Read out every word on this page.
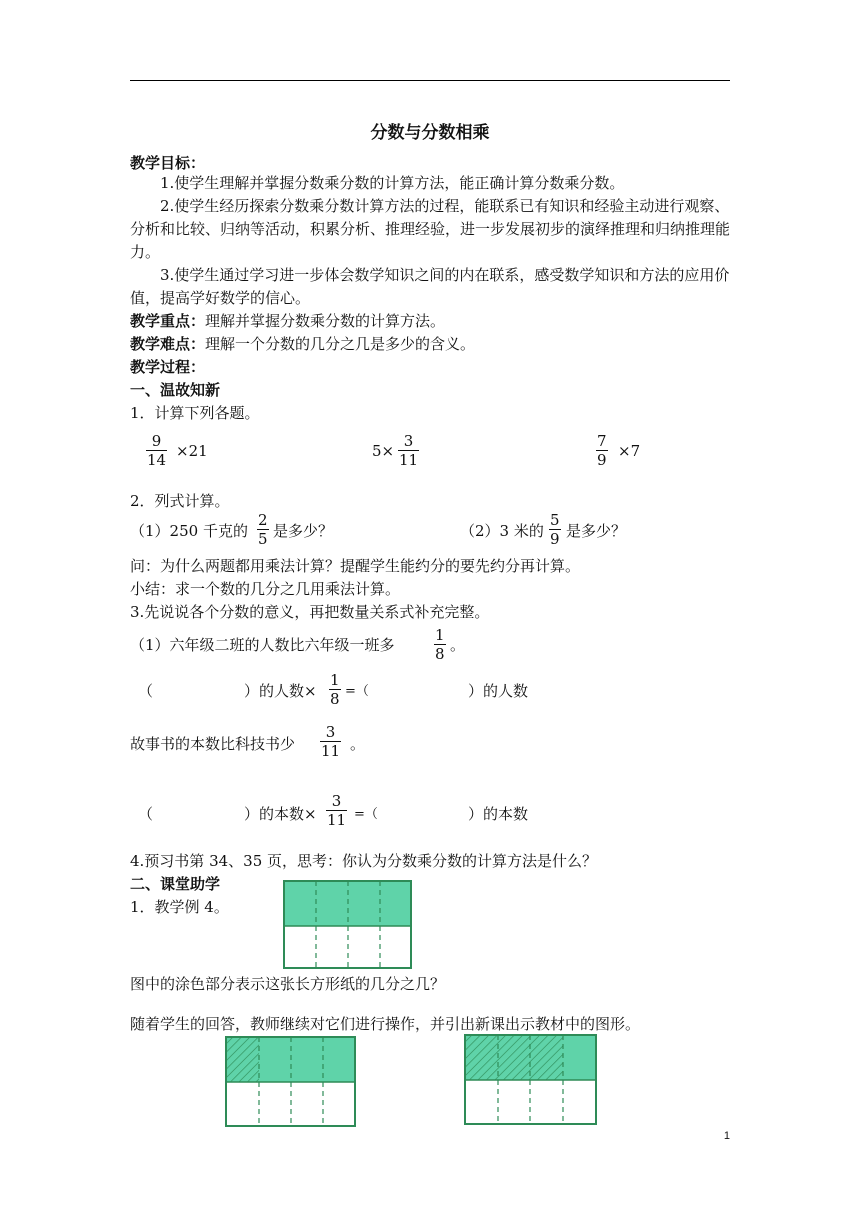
分数与分数相乘
教学目标：
1.使学生理解并掌握分数乘分数的计算方法，能正确计算分数乘分数。
2.使学生经历探索分数乘分数计算方法的过程，能联系已有知识和经验主动进行观察、分析和比较、归纳等活动，积累分析、推理经验，进一步发展初步的演绎推理和归纳推理能力。
3.使学生通过学习进一步体会数学知识之间的内在联系，感受数学知识和方法的应用价值，提高学好数学的信心。
教学重点：理解并掌握分数乘分数的计算方法。
教学难点：理解一个分数的几分之几是多少的含义。
教学过程：
一、温故知新
1．计算下列各题。
$\frac{9}{14} \times 21$	$5\times \frac{3}{11}$	$\frac{7}{9} \times 7$
2．列式计算。
（1）250 千克的 $\frac{2}{5}$ 是多少？	（2）3 米的 $\frac{5}{9}$ 是多少？
问：为什么两题都用乘法计算？提醒学生能约分的要先约分再计算。
小结：求一个数的几分之几用乘法计算。
3.先说说各个分数的意义，再把数量关系式补充完整。
（1）六年级二班的人数比六年级一班多	$\frac{1}{8}$ 。
（	）的人数× $\frac{1}{8}$ =（	）的人数
故事书的本数比科技书少 $\frac{3}{11}$ 。
（	）的本数× $\frac{3}{11}$ =（	）的本数
4.预习书第 34、35 页，思考：你认为分数乘分数的计算方法是什么？
二、课堂助学
1．教学例 4。
图中的涂色部分表示这张长方形纸的几分之几？
随着学生的回答，教师继续对它们进行操作，并引出新课出示教材中的图形。
1
